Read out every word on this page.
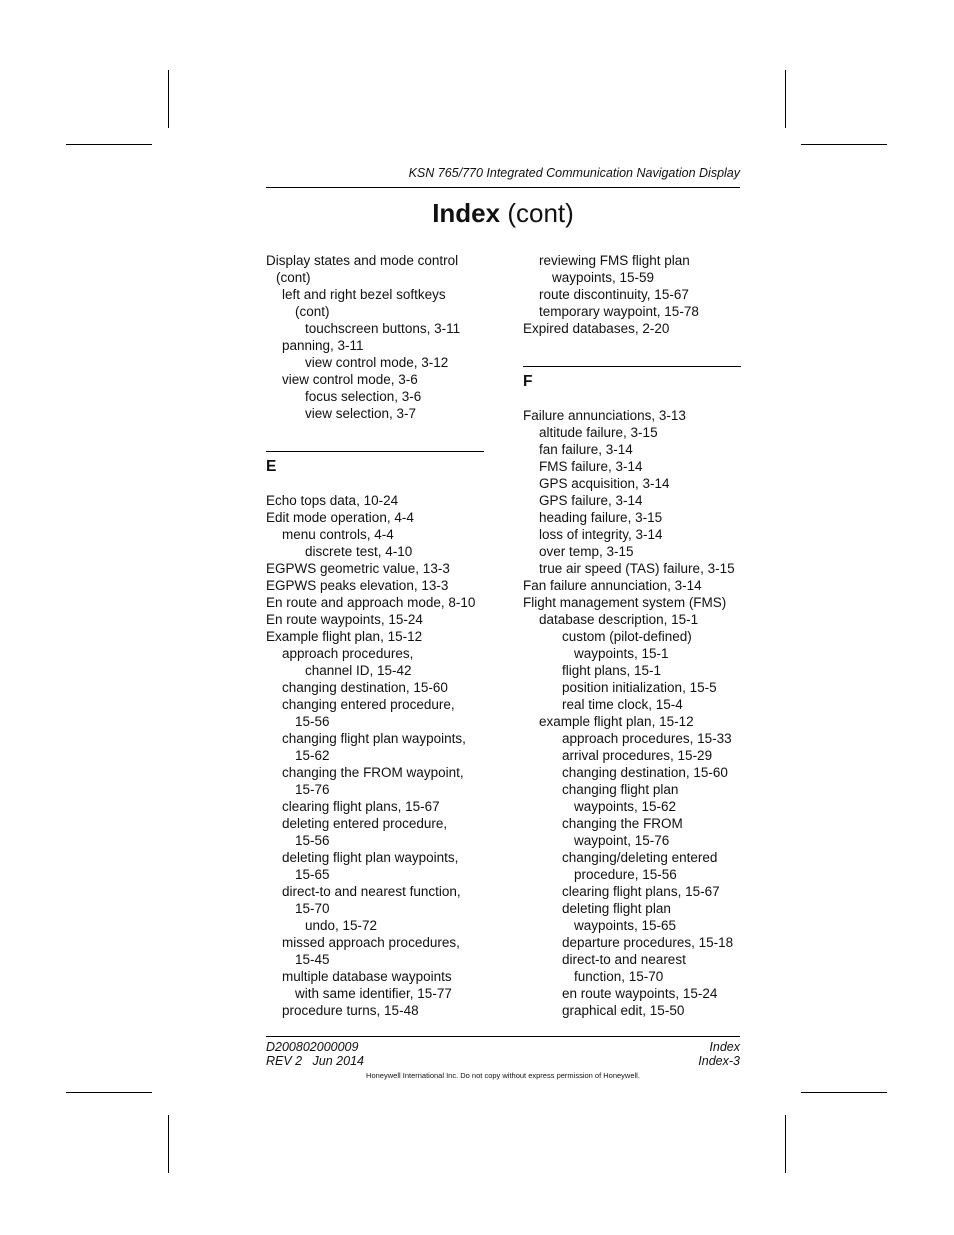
KSN 765/770 Integrated Communication Navigation Display
Index (cont)
Display states and mode control
(cont)
left and right bezel softkeys
(cont)
touchscreen buttons, 3-11
panning, 3-11
view control mode, 3-12
view control mode, 3-6
focus selection, 3-6
view selection, 3-7
E
Echo tops data, 10-24
Edit mode operation, 4-4
menu controls, 4-4
discrete test, 4-10
EGPWS geometric value, 13-3
EGPWS peaks elevation, 13-3
En route and approach mode, 8-10
En route waypoints, 15-24
Example flight plan, 15-12
approach procedures,
channel ID, 15-42
changing destination, 15-60
changing entered procedure,
15-56
changing flight plan waypoints,
15-62
changing the FROM waypoint,
15-76
clearing flight plans, 15-67
deleting entered procedure,
15-56
deleting flight plan waypoints,
15-65
direct-to and nearest function,
15-70
undo, 15-72
missed approach procedures,
15-45
multiple database waypoints
with same identifier, 15-77
procedure turns, 15-48
reviewing FMS flight plan
waypoints, 15-59
route discontinuity, 15-67
temporary waypoint, 15-78
Expired databases, 2-20
F
Failure annunciations, 3-13
altitude failure, 3-15
fan failure, 3-14
FMS failure, 3-14
GPS acquisition, 3-14
GPS failure, 3-14
heading failure, 3-15
loss of integrity, 3-14
over temp, 3-15
true air speed (TAS) failure, 3-15
Fan failure annunciation, 3-14
Flight management system (FMS)
database description, 15-1
custom (pilot-defined)
waypoints, 15-1
flight plans, 15-1
position initialization, 15-5
real time clock, 15-4
example flight plan, 15-12
approach procedures, 15-33
arrival procedures, 15-29
changing destination, 15-60
changing flight plan
waypoints, 15-62
changing the FROM
waypoint, 15-76
changing/deleting entered
procedure, 15-56
clearing flight plans, 15-67
deleting flight plan
waypoints, 15-65
departure procedures, 15-18
direct-to and nearest
function, 15-70
en route waypoints, 15-24
graphical edit, 15-50
D200802000009
REV 2   Jun 2014
Index
Index-3
Honeywell International Inc. Do not copy without express permission of Honeywell.
